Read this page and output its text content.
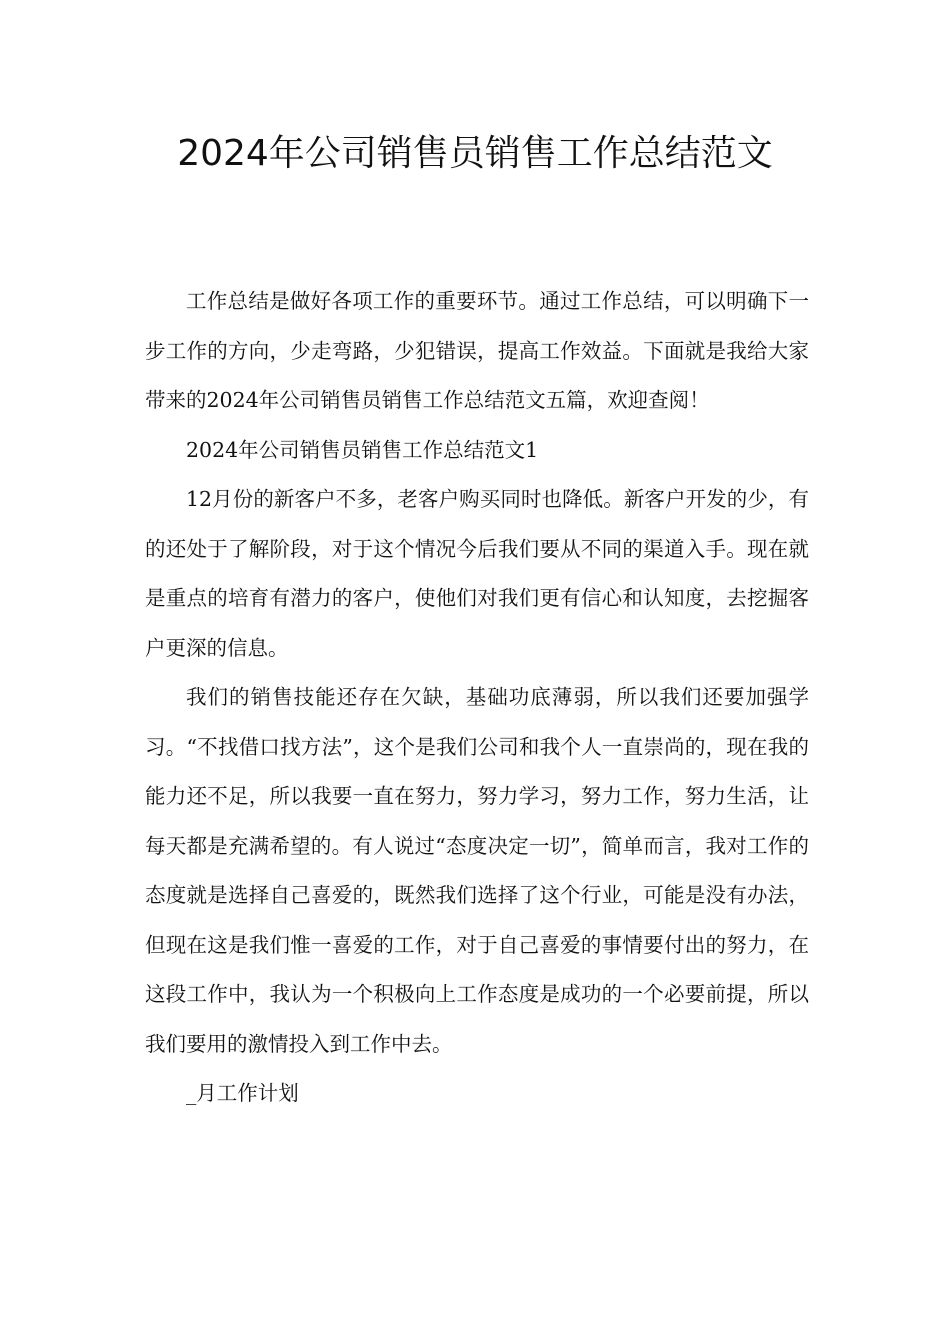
2024年公司销售员销售工作总结范文

工作总结是做好各项工作的重要环节。通过工作总结，可以明确下一步工作的方向，少走弯路，少犯错误，提高工作效益。下面就是我给大家带来的2024年公司销售员销售工作总结范文五篇，欢迎查阅！

2024年公司销售员销售工作总结范文1

12月份的新客户不多，老客户购买同时也降低。新客户开发的少，有的还处于了解阶段，对于这个情况今后我们要从不同的渠道入手。现在就是重点的培育有潜力的客户，使他们对我们更有信心和认知度，去挖掘客户更深的信息。

我们的销售技能还存在欠缺，基础功底薄弱，所以我们还要加强学习。“不找借口找方法”，这个是我们公司和我个人一直崇尚的，现在我的能力还不足，所以我要一直在努力，努力学习，努力工作，努力生活，让每天都是充满希望的。有人说过“态度决定一切”，简单而言，我对工作的态度就是选择自己喜爱的，既然我们选择了这个行业，可能是没有办法，但现在这是我们惟一喜爱的工作，对于自己喜爱的事情要付出的努力，在这段工作中，我认为一个积极向上工作态度是成功的一个必要前提，所以我们要用的激情投入到工作中去。

_月工作计划
